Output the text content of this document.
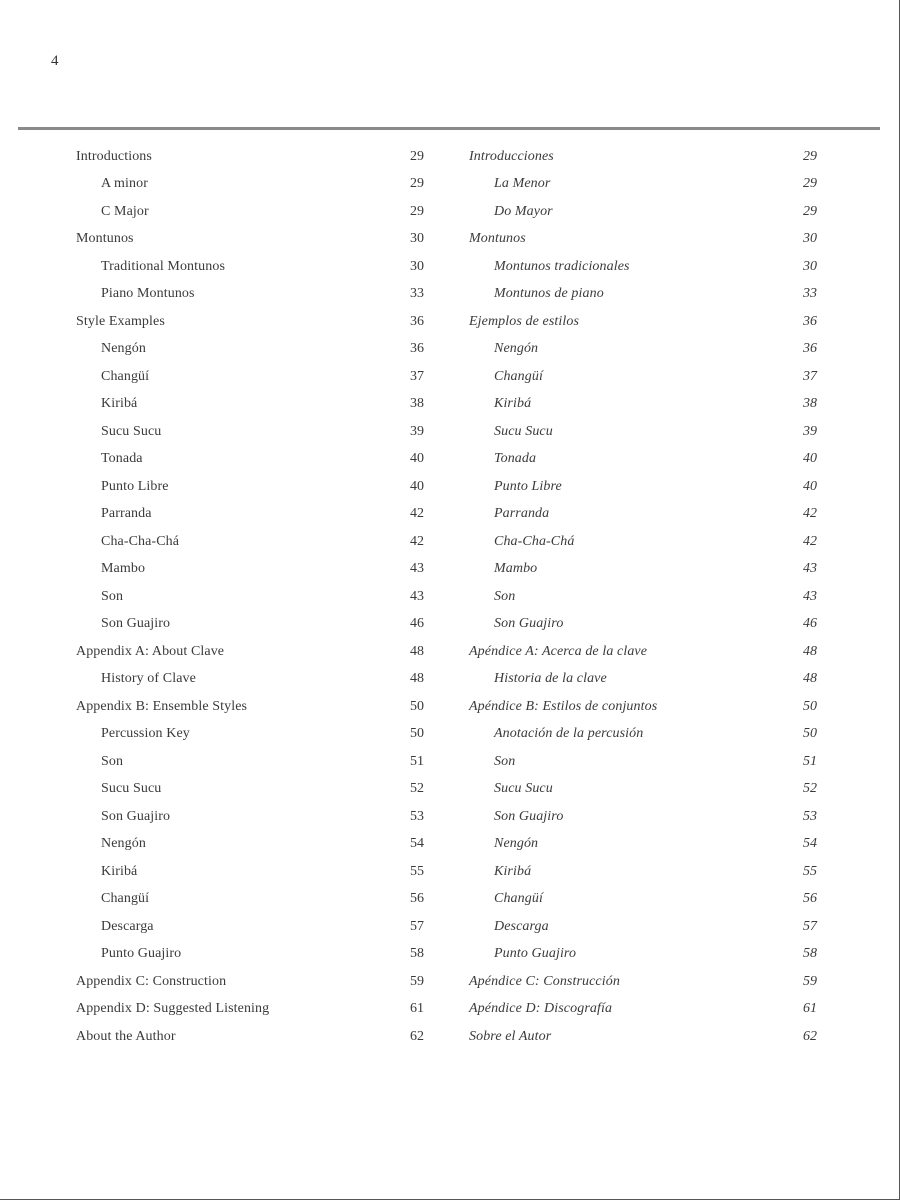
4
Introductions	29
A minor	29
C Major	29
Montunos	30
Traditional Montunos	30
Piano Montunos	33
Style Examples	36
Nengón	36
Changüí	37
Kiribá	38
Sucu Sucu	39
Tonada	40
Punto Libre	40
Parranda	42
Cha-Cha-Chá	42
Mambo	43
Son	43
Son Guajiro	46
Appendix A: About Clave	48
History of Clave	48
Appendix B: Ensemble Styles	50
Percussion Key	50
Son	51
Sucu Sucu	52
Son Guajiro	53
Nengón	54
Kiribá	55
Changüí	56
Descarga	57
Punto Guajiro	58
Appendix C: Construction	59
Appendix D: Suggested Listening	61
About the Author	62
Introducciones	29
La Menor	29
Do Mayor	29
Montunos	30
Montunos tradicionales	30
Montunos de piano	33
Ejemplos de estilos	36
Nengón	36
Changüí	37
Kiribá	38
Sucu Sucu	39
Tonada	40
Punto Libre	40
Parranda	42
Cha-Cha-Chá	42
Mambo	43
Son	43
Son Guajiro	46
Apéndice A: Acerca de la clave	48
Historia de la clave	48
Apéndice B: Estilos de conjuntos	50
Anotación de la percusión	50
Son	51
Sucu Sucu	52
Son Guajiro	53
Nengón	54
Kiribá	55
Changüí	56
Descarga	57
Punto Guajiro	58
Apéndice C: Construcción	59
Apéndice D: Discografía	61
Sobre el Autor	62
